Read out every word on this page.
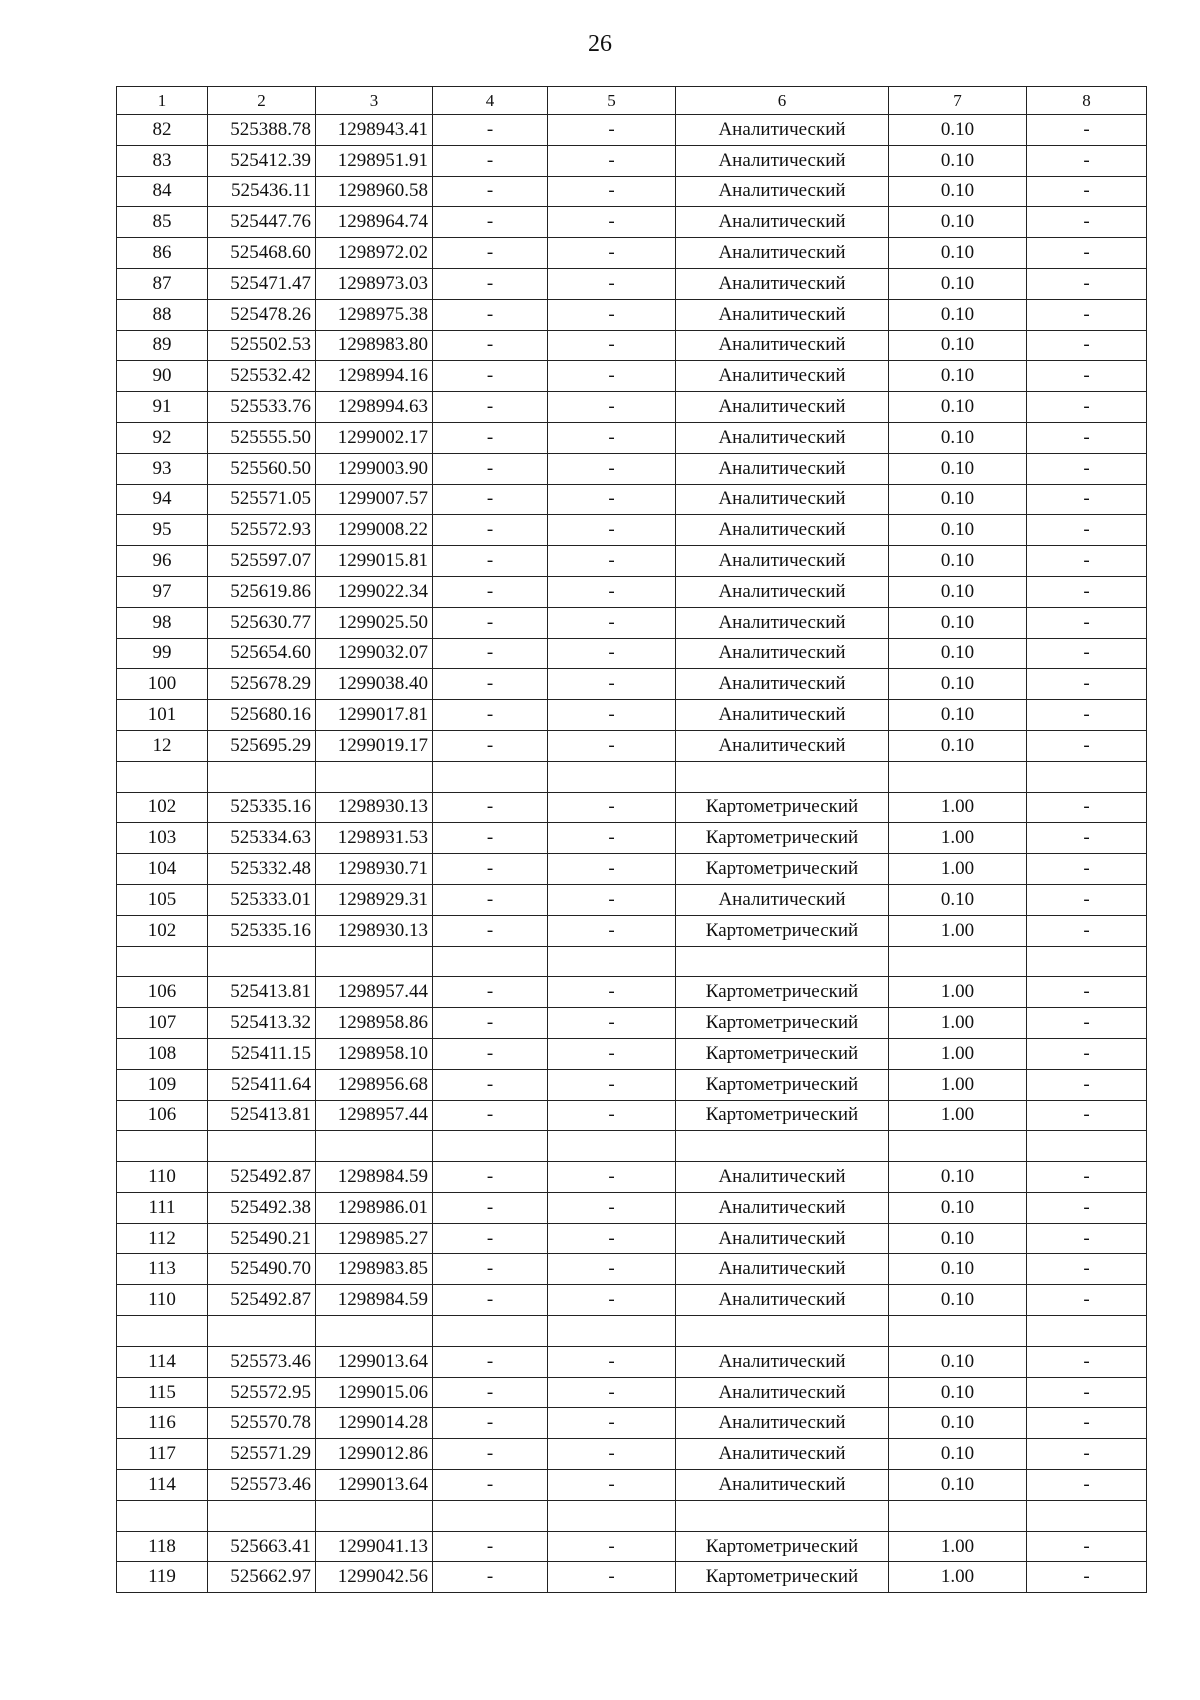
26
1	2	3	4	5	6	7	8
82	525388.78	1298943.41	-	-	Аналитический	0.10	-
83	525412.39	1298951.91	-	-	Аналитический	0.10	-
84	525436.11	1298960.58	-	-	Аналитический	0.10	-
85	525447.76	1298964.74	-	-	Аналитический	0.10	-
86	525468.60	1298972.02	-	-	Аналитический	0.10	-
87	525471.47	1298973.03	-	-	Аналитический	0.10	-
88	525478.26	1298975.38	-	-	Аналитический	0.10	-
89	525502.53	1298983.80	-	-	Аналитический	0.10	-
90	525532.42	1298994.16	-	-	Аналитический	0.10	-
91	525533.76	1298994.63	-	-	Аналитический	0.10	-
92	525555.50	1299002.17	-	-	Аналитический	0.10	-
93	525560.50	1299003.90	-	-	Аналитический	0.10	-
94	525571.05	1299007.57	-	-	Аналитический	0.10	-
95	525572.93	1299008.22	-	-	Аналитический	0.10	-
96	525597.07	1299015.81	-	-	Аналитический	0.10	-
97	525619.86	1299022.34	-	-	Аналитический	0.10	-
98	525630.77	1299025.50	-	-	Аналитический	0.10	-
99	525654.60	1299032.07	-	-	Аналитический	0.10	-
100	525678.29	1299038.40	-	-	Аналитический	0.10	-
101	525680.16	1299017.81	-	-	Аналитический	0.10	-
12	525695.29	1299019.17	-	-	Аналитический	0.10	-

102	525335.16	1298930.13	-	-	Картометрический	1.00	-
103	525334.63	1298931.53	-	-	Картометрический	1.00	-
104	525332.48	1298930.71	-	-	Картометрический	1.00	-
105	525333.01	1298929.31	-	-	Аналитический	0.10	-
102	525335.16	1298930.13	-	-	Картометрический	1.00	-

106	525413.81	1298957.44	-	-	Картометрический	1.00	-
107	525413.32	1298958.86	-	-	Картометрический	1.00	-
108	525411.15	1298958.10	-	-	Картометрический	1.00	-
109	525411.64	1298956.68	-	-	Картометрический	1.00	-
106	525413.81	1298957.44	-	-	Картометрический	1.00	-

110	525492.87	1298984.59	-	-	Аналитический	0.10	-
111	525492.38	1298986.01	-	-	Аналитический	0.10	-
112	525490.21	1298985.27	-	-	Аналитический	0.10	-
113	525490.70	1298983.85	-	-	Аналитический	0.10	-
110	525492.87	1298984.59	-	-	Аналитический	0.10	-

114	525573.46	1299013.64	-	-	Аналитический	0.10	-
115	525572.95	1299015.06	-	-	Аналитический	0.10	-
116	525570.78	1299014.28	-	-	Аналитический	0.10	-
117	525571.29	1299012.86	-	-	Аналитический	0.10	-
114	525573.46	1299013.64	-	-	Аналитический	0.10	-

118	525663.41	1299041.13	-	-	Картометрический	1.00	-
119	525662.97	1299042.56	-	-	Картометрический	1.00	-
